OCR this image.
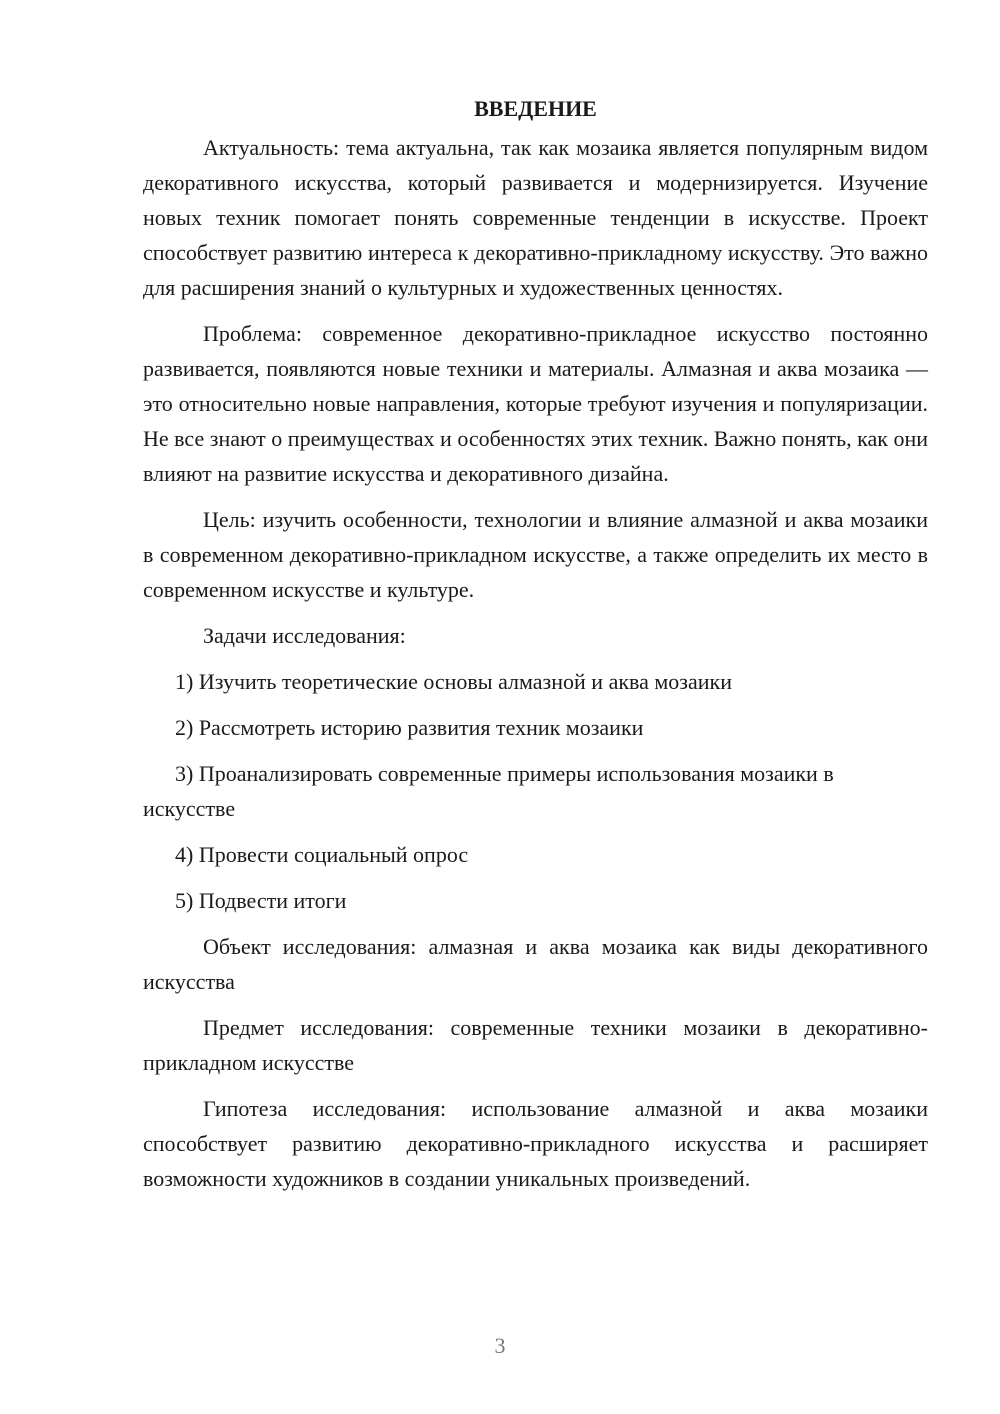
ВВЕДЕНИЕ

Актуальность: тема актуальна, так как мозаика является популярным видом декоративного искусства, который развивается и модернизируется. Изучение новых техник помогает понять современные тенденции в искусстве. Проект способствует развитию интереса к декоративно-прикладному искусству. Это важно для расширения знаний о культурных и художественных ценностях.

Проблема: современное декоративно-прикладное искусство постоянно развивается, появляются новые техники и материалы. Алмазная и аква мозаика — это относительно новые направления, которые требуют изучения и популяризации. Не все знают о преимуществах и особенностях этих техник. Важно понять, как они влияют на развитие искусства и декоративного дизайна.

Цель: изучить особенности, технологии и влияние алмазной и аква мозаики в современном декоративно-прикладном искусстве, а также определить их место в современном искусстве и культуре.

Задачи исследования:

1) Изучить теоретические основы алмазной и аква мозаики

2) Рассмотреть историю развития техник мозаики

3) Проанализировать современные примеры использования мозаики в искусстве

4) Провести социальный опрос

5) Подвести итоги

Объект исследования: алмазная и аква мозаика как виды декоративного искусства

Предмет исследования: современные техники мозаики в декоративно-прикладном искусстве

Гипотеза исследования: использование алмазной и аква мозаики способствует развитию декоративно-прикладного искусства и расширяет возможности художников в создании уникальных произведений.

3
